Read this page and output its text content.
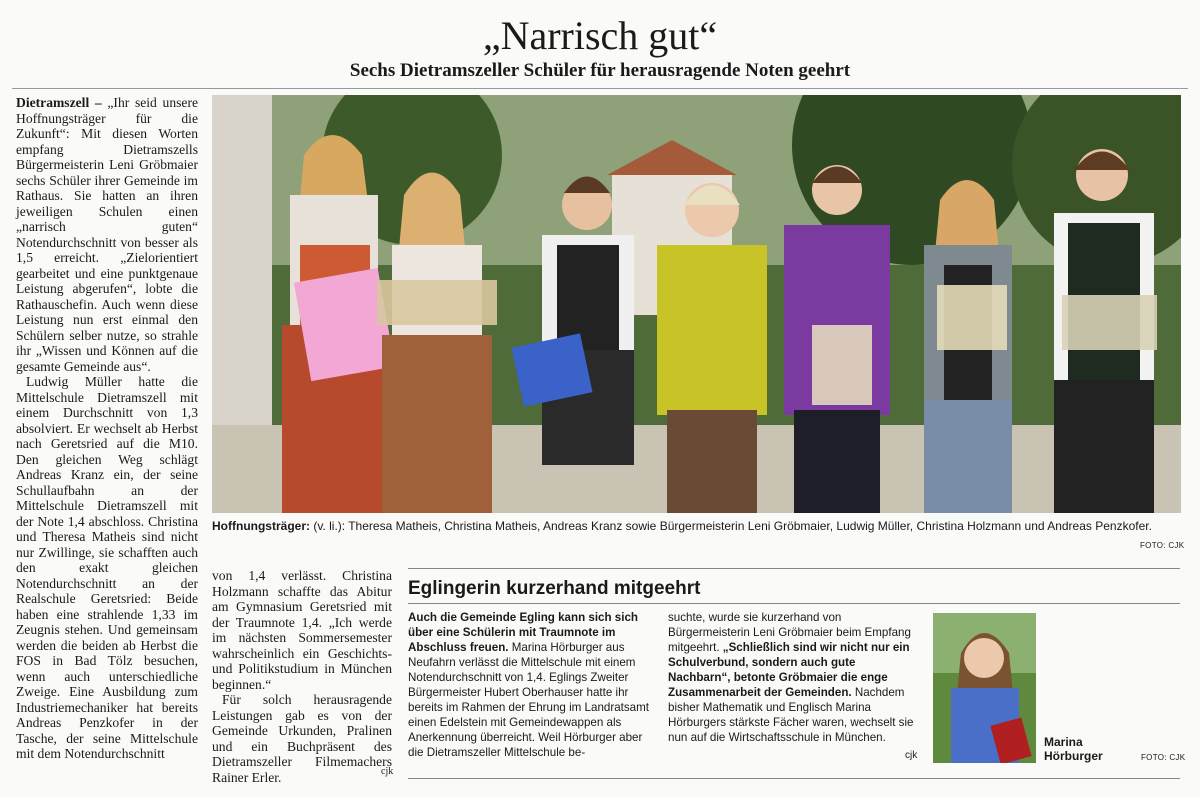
„Narrisch gut“
Sechs Dietramszeller Schüler für herausragende Noten geehrt

Dietramszell – „Ihr seid unsere Hoffnungsträger für die Zukunft“: Mit diesen Worten empfang Dietramszells Bürgermeisterin Leni Gröbmaier sechs Schüler ihrer Gemeinde im Rathaus. Sie hatten an ihren jeweiligen Schulen einen „narrisch guten“ Notendurchschnitt von besser als 1,5 erreicht. „Zielorientiert gearbeitet und eine punktgenaue Leistung abgerufen“, lobte die Rathauschefin. Auch wenn diese Leistung nun erst einmal den Schülern selber nutze, so strahle ihr „Wissen und Können auf die gesamte Gemeinde aus“.

Ludwig Müller hatte die Mittelschule Dietramszell mit einem Durchschnitt von 1,3 absolviert. Er wechselt ab Herbst nach Geretsried auf die M10. Den gleichen Weg schlägt Andreas Kranz ein, der seine Schullaufbahn an der Mittelschule Dietramszell mit der Note 1,4 abschloss. Christina und Theresa Matheis sind nicht nur Zwillinge, sie schafften auch den exakt gleichen Notendurchschnitt an der Realschule Geretsried: Beide haben eine strahlende 1,33 im Zeugnis stehen. Und gemeinsam werden die beiden ab Herbst die FOS in Bad Tölz besuchen, wenn auch unterschiedliche Zweige. Eine Ausbildung zum Industriemechaniker hat bereits Andreas Penzkofer in der Tasche, der seine Mittelschule mit dem Notendurchschnitt

von 1,4 verlässt. Christina Holzmann schaffte das Abitur am Gymnasium Geretsried mit der Traumnote 1,4. „Ich werde im nächsten Sommersemester wahrscheinlich ein Geschichts- und Politikstudium in München beginnen.“

Für solch herausragende Leistungen gab es von der Gemeinde Urkunden, Pralinen und ein Buchpräsent des Dietramszeller Filmemachers Rainer Erler.	cjk
Hoffnungsträger: (v. li.): Theresa Matheis, Christina Matheis, Andreas Kranz sowie Bürgermeisterin Leni Gröbmaier, Ludwig Müller, Christina Holzmann und Andreas Penzkofer.
FOTO: CJK
Eglingerin kurzerhand mitgeehrt

Auch die Gemeinde Egling kann sich sich über eine Schülerin mit Traumnote im Abschluss freuen. Marina Hörburger aus Neufahrn verlässt die Mittelschule mit einem Notendurchschnitt von 1,4. Eglings Zweiter Bürgermeister Hubert Oberhauser hatte ihr bereits im Rahmen der Ehrung im Landratsamt einen Edelstein mit Gemeindewappen als Anerkennung überreicht. Weil Hörburger aber die Dietramszeller Mittelschule be-

suchte, wurde sie kurzerhand von Bürgermeisterin Leni Gröbmaier beim Empfang mitgeehrt. „Schließlich sind wir nicht nur ein Schulverbund, sondern auch gute Nachbarn“, betonte Gröbmaier die enge Zusammenarbeit der Gemeinden. Nachdem bisher Mathematik und Englisch Marina Hörburgers stärkste Fächer waren, wechselt sie nun auf die Wirtschaftsschule in München.

cjk
Marina
Hörburger	FOTO: CJK
